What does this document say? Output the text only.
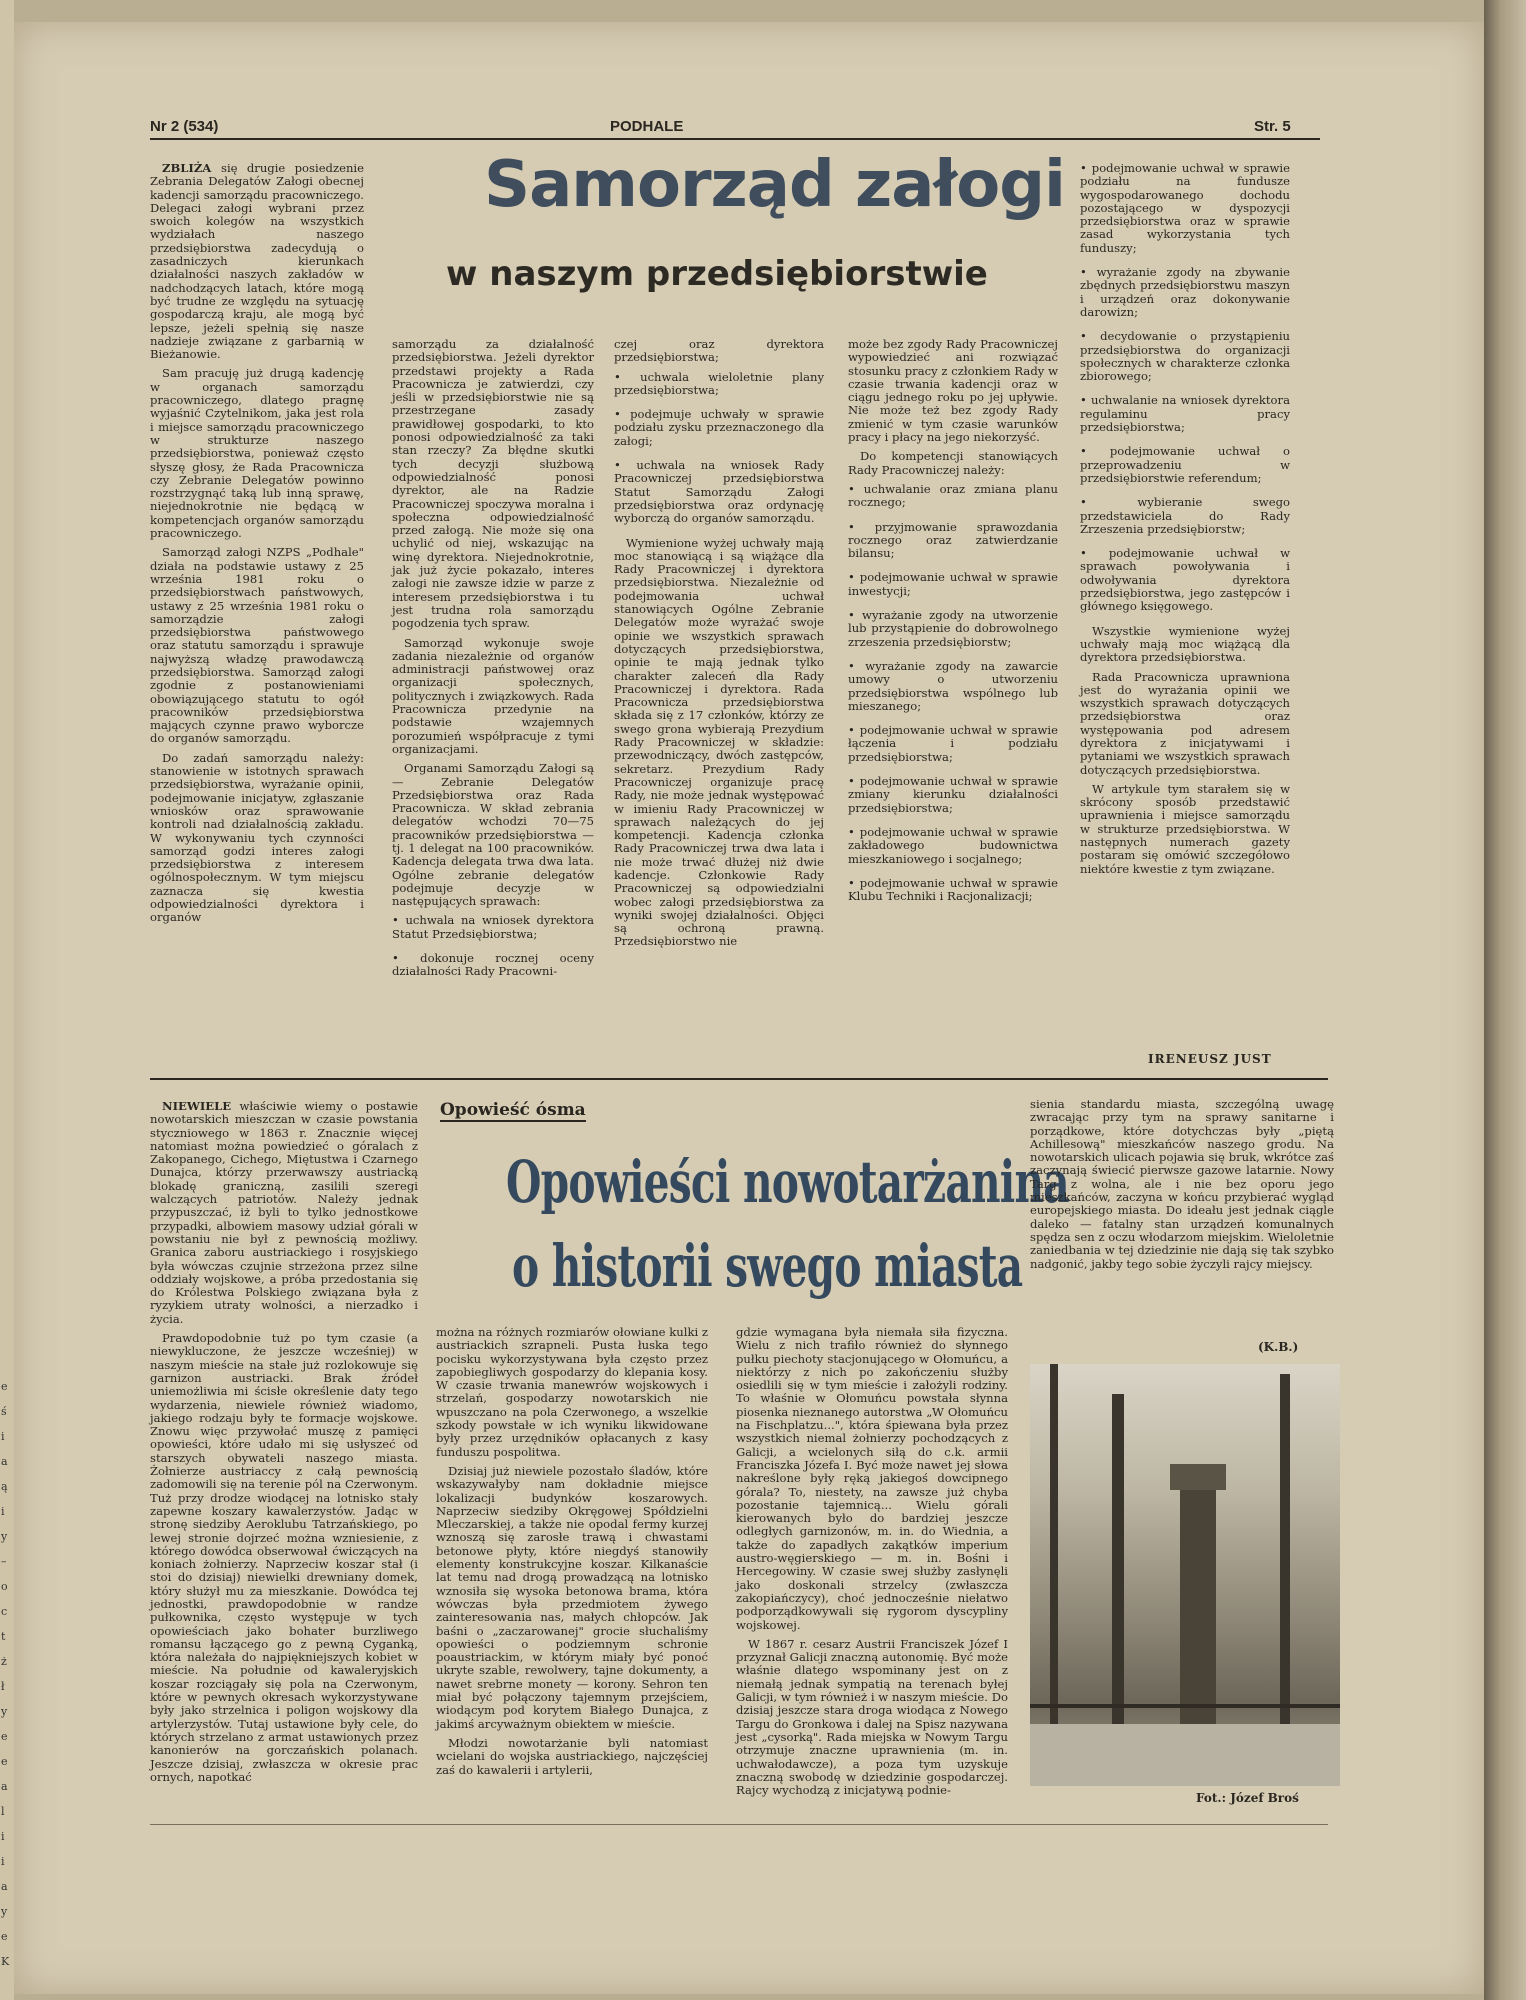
e
ś
i
a
ą
i
y
–
o
c
t
ż
ł
y
e
e
a
l
i
i
a
y
e
K
Nr 2 (534)	PODHALE	Str. 5
Samorząd załogi
w naszym przedsiębiorstwie

ZBLIŻA się drugie posiedzenie Zebrania Delegatów Załogi obecnej kadencji samorządu pracowniczego. Delegaci załogi wybrani przez swoich kolegów na wszystkich wydziałach naszego przedsiębiorstwa zadecydują o zasadniczych kierunkach działalności naszych zakładów w nadchodzących latach, które mogą być trudne ze względu na sytuację gospodarczą kraju, ale mogą być lepsze, jeżeli spełnią się nasze nadzieje związane z garbarnią w Bieżanowie.

Sam pracuję już drugą kadencję w organach samorządu pracowniczego, dlatego pragnę wyjaśnić Czytelnikom, jaka jest rola i miejsce samorządu pracowniczego w strukturze naszego przedsiębiorstwa, ponieważ często słyszę głosy, że Rada Pracownicza czy Zebranie Delegatów powinno rozstrzygnąć taką lub inną sprawę, niejednokrotnie nie będącą w kompetencjach organów samorządu pracowniczego.

Samorząd załogi NZPS „Podhale" działa na podstawie ustawy z 25 września 1981 roku o przedsiębiorstwach państwowych, ustawy z 25 września 1981 roku o samorządzie załogi przedsiębiorstwa państwowego oraz statutu samorządu i sprawuje najwyższą władzę prawodawczą przedsiębiorstwa. Samorząd załogi zgodnie z postanowieniami obowiązującego statutu to ogół pracowników przedsiębiorstwa mających czynne prawo wyborcze do organów samorządu.

Do zadań samorządu należy: stanowienie w istotnych sprawach przedsiębiorstwa, wyrażanie opinii, podejmowanie inicjatyw, zgłaszanie wniosków oraz sprawowanie kontroli nad działalnością zakładu. W wykonywaniu tych czynności samorząd godzi interes załogi przedsiębiorstwa z interesem ogólnospołecznym. W tym miejscu zaznacza się kwestia odpowiedzialności dyrektora i organów

samorządu za działalność przedsiębiorstwa. Jeżeli dyrektor przedstawi projekty a Rada Pracownicza je zatwierdzi, czy jeśli w przedsiębiorstwie nie są przestrzegane zasady prawidłowej gospodarki, to kto ponosi odpowiedzialność za taki stan rzeczy? Za błędne skutki tych decyzji służbową odpowiedzialność ponosi dyrektor, ale na Radzie Pracowniczej spoczywa moralna i społeczna odpowiedzialność przed załogą. Nie może się ona uchylić od niej, wskazując na winę dyrektora. Niejednokrotnie, jak już życie pokazało, interes załogi nie zawsze idzie w parze z interesem przedsiębiorstwa i tu jest trudna rola samorządu pogodzenia tych spraw.

Samorząd wykonuje swoje zadania niezależnie od organów administracji państwowej oraz organizacji społecznych, politycznych i związkowych. Rada Pracownicza przedynie na podstawie wzajemnych porozumień współpracuje z tymi organizacjami.

Organami Samorządu Załogi są — Zebranie Delegatów Przedsiębiorstwa oraz Rada Pracownicza. W skład zebrania delegatów wchodzi 70—75 pracowników przedsiębiorstwa — tj. 1 delegat na 100 pracowników. Kadencja delegata trwa dwa lata. Ogólne zebranie delegatów podejmuje decyzje w następujących sprawach:

• uchwala na wniosek dyrektora Statut Przedsiębiorstwa;

• dokonuje rocznej oceny działalności Rady Pracowni-

czej oraz dyrektora przedsiębiorstwa;

• uchwala wieloletnie plany przedsiębiorstwa;

• podejmuje uchwały w sprawie podziału zysku przeznaczonego dla załogi;

• uchwala na wniosek Rady Pracowniczej przedsiębiorstwa Statut Samorządu Załogi przedsiębiorstwa oraz ordynację wyborczą do organów samorządu.

Wymienione wyżej uchwały mają moc stanowiącą i są wiążące dla Rady Pracowniczej i dyrektora przedsiębiorstwa. Niezależnie od podejmowania uchwał stanowiących Ogólne Zebranie Delegatów może wyrażać swoje opinie we wszystkich sprawach dotyczących przedsiębiorstwa, opinie te mają jednak tylko charakter zaleceń dla Rady Pracowniczej i dyrektora. Rada Pracownicza przedsiębiorstwa składa się z 17 członków, którzy ze swego grona wybierają Prezydium Rady Pracowniczej w składzie: przewodniczący, dwóch zastępców, sekretarz. Prezydium Rady Pracowniczej organizuje pracę Rady, nie może jednak występować w imieniu Rady Pracowniczej w sprawach należących do jej kompetencji. Kadencja członka Rady Pracowniczej trwa dwa lata i nie może trwać dłużej niż dwie kadencje. Członkowie Rady Pracowniczej są odpowiedzialni wobec załogi przedsiębiorstwa za wyniki swojej działalności. Objęci są ochroną prawną. Przedsiębiorstwo nie

może bez zgody Rady Pracowniczej wypowiedzieć ani rozwiązać stosunku pracy z członkiem Rady w czasie trwania kadencji oraz w ciągu jednego roku po jej upływie. Nie może też bez zgody Rady zmienić w tym czasie warunków pracy i płacy na jego niekorzyść.

Do kompetencji stanowiących Rady Pracowniczej należy:

• uchwalanie oraz zmiana planu rocznego;

• przyjmowanie sprawozdania rocznego oraz zatwierdzanie bilansu;

• podejmowanie uchwał w sprawie inwestycji;

• wyrażanie zgody na utworzenie lub przystąpienie do dobrowolnego zrzeszenia przedsiębiorstw;

• wyrażanie zgody na zawarcie umowy o utworzeniu przedsiębiorstwa wspólnego lub mieszanego;

• podejmowanie uchwał w sprawie łączenia i podziału przedsiębiorstwa;

• podejmowanie uchwał w sprawie zmiany kierunku działalności przedsiębiorstwa;

• podejmowanie uchwał w sprawie zakładowego budownictwa mieszkaniowego i socjalnego;

• podejmowanie uchwał w sprawie Klubu Techniki i Racjonalizacji;

• podejmowanie uchwał w sprawie podziału na fundusze wygospodarowanego dochodu pozostającego w dyspozycji przedsiębiorstwa oraz w sprawie zasad wykorzystania tych funduszy;

• wyrażanie zgody na zbywanie zbędnych przedsiębiorstwu maszyn i urządzeń oraz dokonywanie darowizn;

• decydowanie o przystąpieniu przedsiębiorstwa do organizacji społecznych w charakterze członka zbiorowego;

• uchwalanie na wniosek dyrektora regulaminu pracy przedsiębiorstwa;

• podejmowanie uchwał o przeprowadzeniu w przedsiębiorstwie referendum;

• wybieranie swego przedstawiciela do Rady Zrzeszenia przedsiębiorstw;

• podejmowanie uchwał w sprawach powoływania i odwoływania dyrektora przedsiębiorstwa, jego zastępców i głównego księgowego.

Wszystkie wymienione wyżej uchwały mają moc wiążącą dla dyrektora przedsiębiorstwa.

Rada Pracownicza uprawniona jest do wyrażania opinii we wszystkich sprawach dotyczących przedsiębiorstwa oraz występowania pod adresem dyrektora z inicjatywami i pytaniami we wszystkich sprawach dotyczących przedsiębiorstwa.

W artykule tym starałem się w skrócony sposób przedstawić uprawnienia i miejsce samorządu w strukturze przedsiębiorstwa. W następnych numerach gazety postaram się omówić szczegółowo niektóre kwestie z tym związane.

IRENEUSZ JUST
Opowieść ósma
Opowieści nowotarżanina
o historii swego miasta

NIEWIELE właściwie wiemy o postawie nowotarskich mieszczan w czasie powstania styczniowego w 1863 r. Znacznie więcej natomiast można powiedzieć o góralach z Zakopanego, Cichego, Miętustwa i Czarnego Dunajca, którzy przerwawszy austriacką blokadę graniczną, zasilili szeregi walczących patriotów. Należy jednak przypuszczać, iż byli to tylko jednostkowe przypadki, albowiem masowy udział górali w powstaniu nie był z pewnością możliwy. Granica zaboru austriackiego i rosyjskiego była wówczas czujnie strzeżona przez silne oddziały wojskowe, a próba przedostania się do Królestwa Polskiego związana była z ryzykiem utraty wolności, a nierzadko i życia.

Prawdopodobnie tuż po tym czasie (a niewykluczone, że jeszcze wcześniej) w naszym mieście na stałe już rozlokowuje się garnizon austriacki. Brak źródeł uniemożliwia mi ścisłe określenie daty tego wydarzenia, niewiele również wiadomo, jakiego rodzaju były te formacje wojskowe. Znowu więc przywołać muszę z pamięci opowieści, które udało mi się usłyszeć od starszych obywateli naszego miasta. Żołnierze austriaccy z całą pewnością zadomowili się na terenie pól na Czerwonym. Tuż przy drodze wiodącej na lotnisko stały zapewne koszary kawalerzystów. Jadąc w stronę siedziby Aeroklubu Tatrzańskiego, po lewej stronie dojrzeć można wzniesienie, z którego dowódca obserwował ćwiczących na koniach żołnierzy. Naprzeciw koszar stał (i stoi do dzisiaj) niewielki drewniany domek, który służył mu za mieszkanie. Dowódca tej jednostki, prawdopodobnie w randze pułkownika, często występuje w tych opowieściach jako bohater burzliwego romansu łączącego go z pewną Cyganką, która należała do najpiękniejszych kobiet w mieście. Na południe od kawaleryjskich koszar rozciągały się pola na Czerwonym, które w pewnych okresach wykorzystywane były jako strzelnica i poligon wojskowy dla artylerzystów. Tutaj ustawione były cele, do których strzelano z armat ustawionych przez kanonierów na gorczańskich polanach. Jeszcze dzisiaj, zwłaszcza w okresie prac ornych, napotkać

można na różnych rozmiarów ołowiane kulki z austriackich szrapneli. Pusta łuska tego pocisku wykorzystywana była często przez zapobiegliwych gospodarzy do klepania kosy. W czasie trwania manewrów wojskowych i strzelań, gospodarzy nowotarskich nie wpuszczano na pola Czerwonego, a wszelkie szkody powstałe w ich wyniku likwidowane były przez urzędników opłacanych z kasy funduszu pospolitwa.

Dzisiaj już niewiele pozostało śladów, które wskazywałyby nam dokładnie miejsce lokalizacji budynków koszarowych. Naprzeciw siedziby Okręgowej Spółdzielni Mleczarskiej, a także nie opodal fermy kurzej wznoszą się zarosłe trawą i chwastami betonowe płyty, które niegdyś stanowiły elementy konstrukcyjne koszar. Kilkanaście lat temu nad drogą prowadzącą na lotnisko wznosiła się wysoka betonowa brama, która wówczas była przedmiotem żywego zainteresowania nas, małych chłopców. Jak baśni o „zaczarowanej" grocie słuchaliśmy opowieści o podziemnym schronie poaustriackim, w którym miały być ponoć ukryte szable, rewolwery, tajne dokumenty, a nawet srebrne monety — korony. Sehron ten miał być połączony tajemnym przejściem, wiodącym pod korytem Białego Dunajca, z jakimś arcyważnym obiektem w mieście.

Młodzi nowotarżanie byli natomiast wcielani do wojska austriackiego, najczęściej zaś do kawalerii i artylerii,

gdzie wymagana była niemała siła fizyczna. Wielu z nich trafiło również do słynnego pułku piechoty stacjonującego w Ołomuńcu, a niektórzy z nich po zakończeniu służby osiedlili się w tym mieście i założyli rodziny. To właśnie w Ołomuńcu powstała słynna piosenka nieznanego autorstwa „W Ołomuńcu na Fischplatzu...", która śpiewana była przez wszystkich niemal żołnierzy pochodzących z Galicji, a wcielonych siłą do c.k. armii Franciszka Józefa I. Być może nawet jej słowa nakreślone były ręką jakiegoś dowcipnego górala? To, niestety, na zawsze już chyba pozostanie tajemnicą... Wielu górali kierowanych było do bardziej jeszcze odległych garnizonów, m. in. do Wiednia, a także do zapadłych zakątków imperium austro-węgierskiego — m. in. Bośni i Hercegowiny. W czasie swej służby zasłynęli jako doskonali strzelcy (zwłaszcza zakopiańczycy), choć jednocześnie niełatwo podporządkowywali się rygorom dyscypliny wojskowej.

W 1867 r. cesarz Austrii Franciszek Józef I przyznał Galicji znaczną autonomię. Być może właśnie dlatego wspominany jest on z niemałą jednak sympatią na terenach byłej Galicji, w tym również i w naszym mieście. Do dzisiaj jeszcze stara droga wiodąca z Nowego Targu do Gronkowa i dalej na Spisz nazywana jest „cysorką". Rada miejska w Nowym Targu otrzymuje znaczne uprawnienia (m. in. uchwałodawcze), a poza tym uzyskuje znaczną swobodę w dziedzinie gospodarczej. Rajcy wychodzą z inicjatywą podnie-

sienia standardu miasta, szczególną uwagę zwracając przy tym na sprawy sanitarne i porządkowe, które dotychczas były „piętą Achillesową" mieszkańców naszego grodu. Na nowotarskich ulicach pojawia się bruk, wkrótce zaś zaczynają świecić pierwsze gazowe latarnie. Nowy Targ z wolna, ale i nie bez oporu jego mieszkańców, zaczyna w końcu przybierać wygląd europejskiego miasta. Do ideału jest jednak ciągle daleko — fatalny stan urządzeń komunalnych spędza sen z oczu włodarzom miejskim. Wieloletnie zaniedbania w tej dziedzinie nie dają się tak szybko nadgonić, jakby tego sobie życzyli rajcy miejscy.

(K.B.)
Fot.: Józef Broś
